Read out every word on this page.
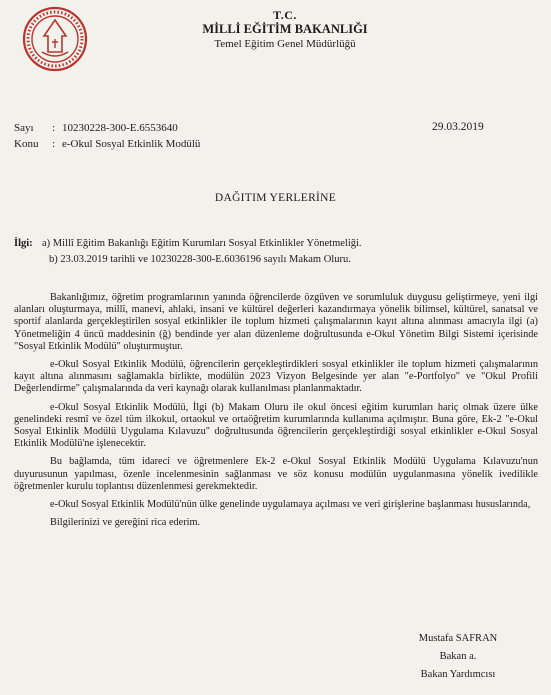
T.C.
MİLLİ EĞİTİM BAKANLIĞI
Temel Eğitim Genel Müdürlüğü
Sayı : 10230228-300-E.6553640
Konu : e-Okul Sosyal Etkinlik Modülü
29.03.2019
DAĞITIM YERLERİNE
İlgi: a) Millî Eğitim Bakanlığı Eğitim Kurumları Sosyal Etkinlikler Yönetmeliği.
b) 23.03.2019 tarihli ve 10230228-300-E.6036196 sayılı Makam Oluru.

Bakanlığımız, öğretim programlarının yanında öğrencilerde özgüven ve sorumluluk duygusu geliştirmeye, yeni ilgi alanları oluşturmaya, millî, manevi, ahlaki, insani ve kültürel değerleri kazandırmaya yönelik bilimsel, kültürel, sanatsal ve sportif alanlarda gerçekleştirilen sosyal etkinlikler ile toplum hizmeti çalışmalarının kayıt altına alınması amacıyla ilgi (a) Yönetmeliğin 4 üncü maddesinin (ğ) bendinde yer alan düzenleme doğrultusunda e-Okul Yönetim Bilgi Sistemi içerisinde "Sosyal Etkinlik Modülü" oluşturmuştur.

e-Okul Sosyal Etkinlik Modülü, öğrencilerin gerçekleştirdikleri sosyal etkinlikler ile toplum hizmeti çalışmalarının kayıt altına alınmasını sağlamakla birlikte, modülün 2023 Vizyon Belgesinde yer alan "e-Portfolyo" ve "Okul Profili Değerlendirme" çalışmalarında da veri kaynağı olarak kullanılması planlanmaktadır.

e-Okul Sosyal Etkinlik Modülü, İlgi (b) Makam Oluru ile okul öncesi eğitim kurumları hariç olmak üzere ülke genelindeki resmî ve özel tüm ilkokul, ortaokul ve ortaöğretim kurumlarında kullanıma açılmıştır. Buna göre, Ek-2 "e-Okul Sosyal Etkinlik Modülü Uygulama Kılavuzu" doğrultusunda öğrencilerin gerçekleştirdiği sosyal etkinlikler e-Okul Sosyal Etkinlik Modülü'ne işlenecektir.

Bu bağlamda, tüm idareci ve öğretmenlere Ek-2 e-Okul Sosyal Etkinlik Modülü Uygulama Kılavuzu'nun duyurusunun yapılması, özenle incelenmesinin sağlanması ve söz konusu modülün uygulanmasına yönelik ivedilikle öğretmenler kurulu toplantısı düzenlenmesi gerekmektedir.

e-Okul Sosyal Etkinlik Modülü'nün ülke genelinde uygulamaya açılması ve veri girişlerine başlanması hususlarında,

Bilgilerinizi ve gereğini rica ederim.

Mustafa SAFRAN
Bakan a.
Bakan Yardımcısı
